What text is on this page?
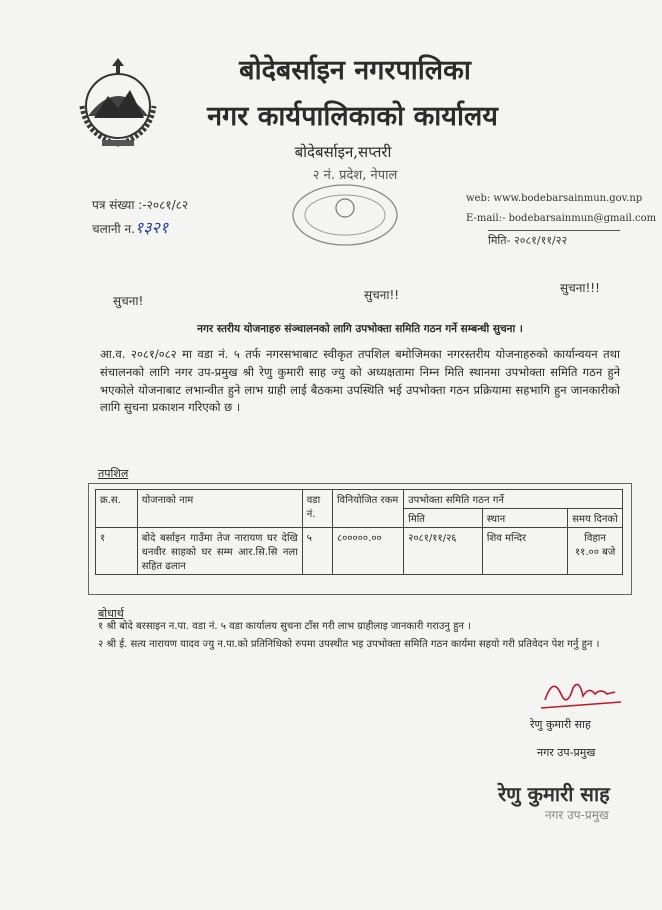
बोदेबर्साइन नगरपालिका
नगर कार्यपालिकाको कार्यालय
बोदेबर्साइन,सप्तरी
२ नं. प्रदेश, नेपाल
पत्र संख्या :-२०८१/८२
चलानी न.१३२१
web: www.bodebarsainmun.gov.np
E-mail:- bodebarsainmun@gmail.com
मिति- २०८१/११/२२
सुचना!	सुचना!!	सुचना!!!
नगर स्तरीय योजनाहरु संञ्चालनको लागि उपभोक्ता समिति गठन गर्ने सम्बन्धी सुचना ।
आ.व. २०८१/०८२ मा वडा नं. ५ तर्फ नगरसभाबाट स्वीकृत तपशिल बमोजिमका नगरस्तरीय योजनाहरुको कार्यान्वयन तथा संचालनको लागि नगर उप-प्रमुख श्री रेणु कुमारी साह ज्यु को अध्यक्षतामा निम्न मिति स्थानमा उपभोक्ता समिति गठन हुने भएकोले योजनाबाट लभान्वीत हुने लाभ ग्राही लाई बैठकमा उपस्थिति भई उपभोक्ता गठन प्रक्रियामा सहभागि हुन जानकारीको लागि सुचना प्रकाशन गरिएको छ ।
तपशिल
क्र.स.	योजनाको नाम	वडा नं.	विनियोजित रकम	उपभोक्ता समिति गठन गर्ने		
				मिति	स्थान	समय दिनको
१	बोदे बर्साइन गाउँमा तेज नारायण घर देखि धनवीर साहको घर सम्म आर.सि.सि नला सहित ढलान	५	८०००००.००	२०८१/११/२६	शिव मन्दिर	विहान ११.०० बजे
बोधार्थ
१ श्री बोदे बरसाइन न.पा. वडा नं. ५ वडा कार्यालय सुचना टाँस गरी लाभ ग्राहीलाइ जानकारी गराउनु हुन ।
२ श्री ई. सत्य नारायण यादव ज्यु न.पा.को प्रतिनिधिको रुपमा उपस्थीत भइ उपभोक्ता समिति गठन कार्यमा सहयो गरी प्रतिवेदन पेश गर्नु हुन ।
रेणु कुमारी साह
नगर उप-प्रमुख
रेणु कुमारी साह
नगर उप-प्रमुख
